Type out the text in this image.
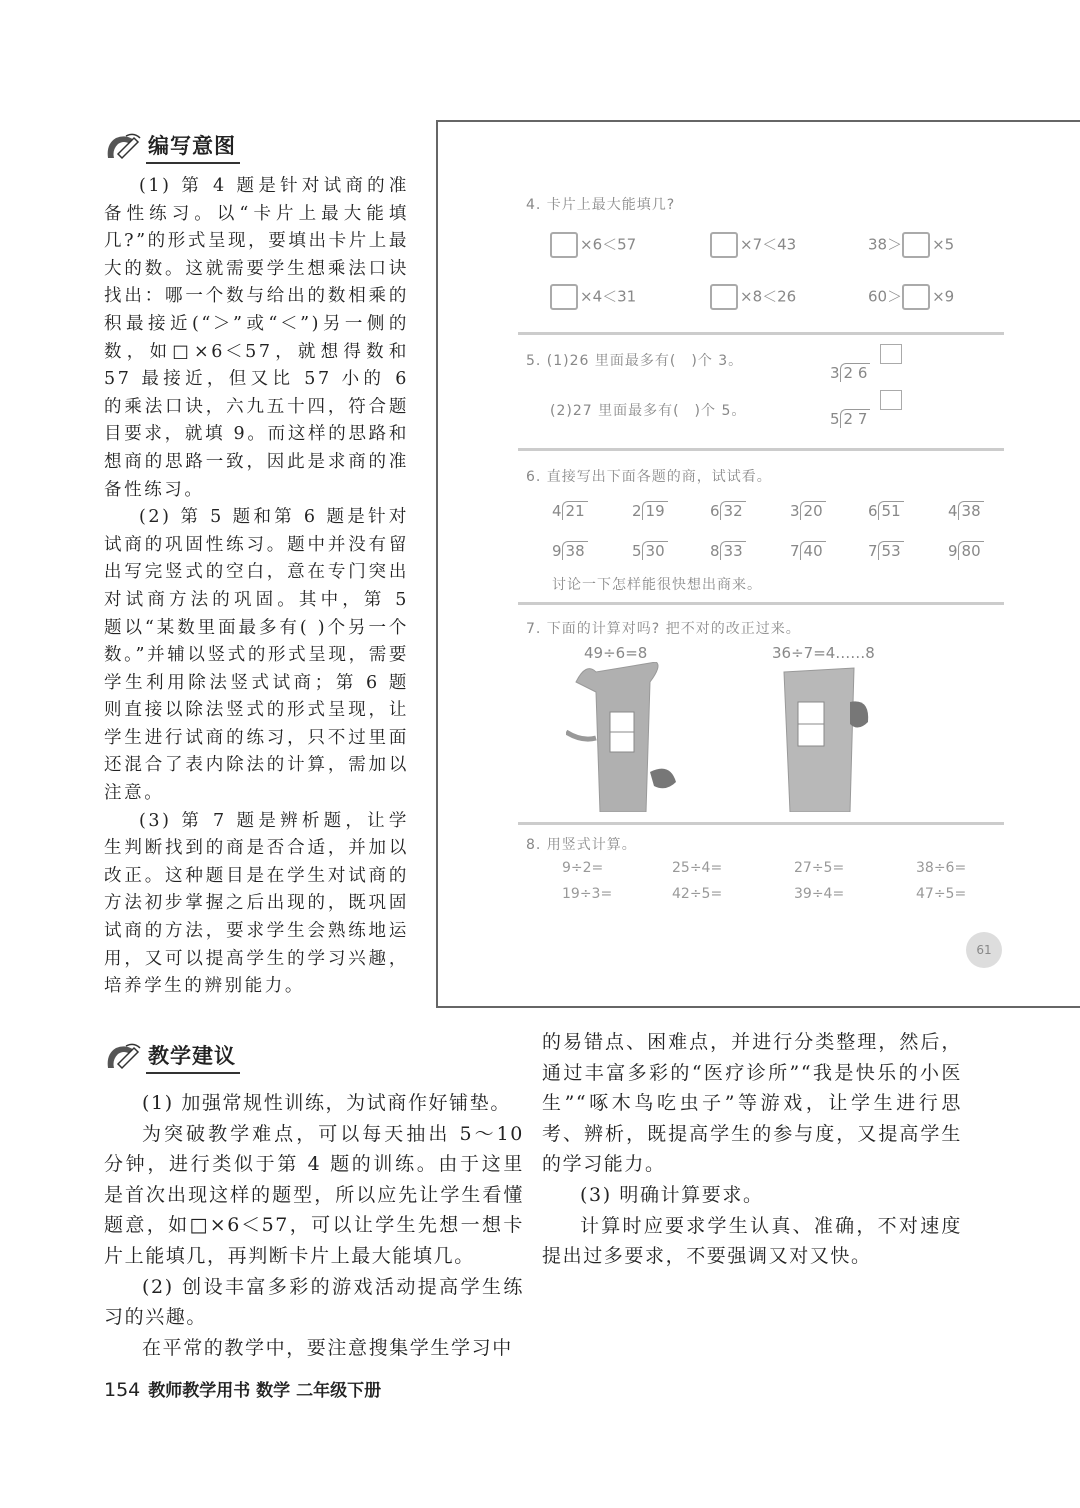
编写意图

(1) 第 4 题是针对试商的准备性练习。以“卡片上最大能填几?”的形式呈现，要填出卡片上最大的数。这就需要学生想乘法口诀找出：哪一个数与给出的数相乘的积最接近(“＞”或“＜”)另一侧的数，如□×6＜57，就想得数和 57 最接近，但又比 57 小的 6 的乘法口诀，六九五十四，符合题目要求，就填 9。而这样的思路和想商的思路一致，因此是求商的准备性练习。

(2) 第 5 题和第 6 题是针对试商的巩固性练习。题中并没有留出写完竖式的空白，意在专门突出对试商方法的巩固。其中，第 5 题以“某数里面最多有( )个另一个数。”并辅以竖式的形式呈现，需要学生利用除法竖式试商；第 6 题则直接以除法竖式的形式呈现，让学生进行试商的练习，只不过里面还混合了表内除法的计算，需加以注意。

(3) 第 7 题是辨析题，让学生判断找到的商是否合适，并加以改正。这种题目是在学生对试商的方法初步掌握之后出现的，既巩固试商的方法，要求学生会熟练地运用，又可以提高学生的学习兴趣，培养学生的辨别能力。

4. 卡片上最大能填几?
×6＜57	×7＜43	38＞ ×5
×4＜31	×8＜26	60＞ ×9
5. (1)26 里面最多有(　)个 3。
(2)27 里面最多有(　)个 5。
3 2 6
5 2 7
6. 直接写出下面各题的商，试试看。
4 21	2 19	6 32	3 20	6 51	4 38
9 38	5 30	8 33	7 40	7 53	9 80
讨论一下怎样能很快想出商来。
7. 下面的计算对吗? 把不对的改正过来。
49÷6=8	36÷7=4……8
8. 用竖式计算。
9÷2=	25÷4=	27÷5=	38÷6=
19÷3=	42÷5=	39÷4=	47÷5=
61
教学建议

(1) 加强常规性训练，为试商作好铺垫。

为突破教学难点，可以每天抽出 5～10 分钟，进行类似于第 4 题的训练。由于这里是首次出现这样的题型，所以应先让学生看懂题意，如□×6＜57，可以让学生先想一想卡片上能填几，再判断卡片上最大能填几。

(2) 创设丰富多彩的游戏活动提高学生练习的兴趣。

在平常的教学中，要注意搜集学生学习中

的易错点、困难点，并进行分类整理，然后，通过丰富多彩的“医疗诊所”“我是快乐的小医生”“啄木鸟吃虫子”等游戏，让学生进行思考、辨析，既提高学生的参与度，又提高学生的学习能力。

(3) 明确计算要求。

计算时应要求学生认真、准确，不对速度提出过多要求，不要强调又对又快。

154 教师教学用书 数学 二年级下册
